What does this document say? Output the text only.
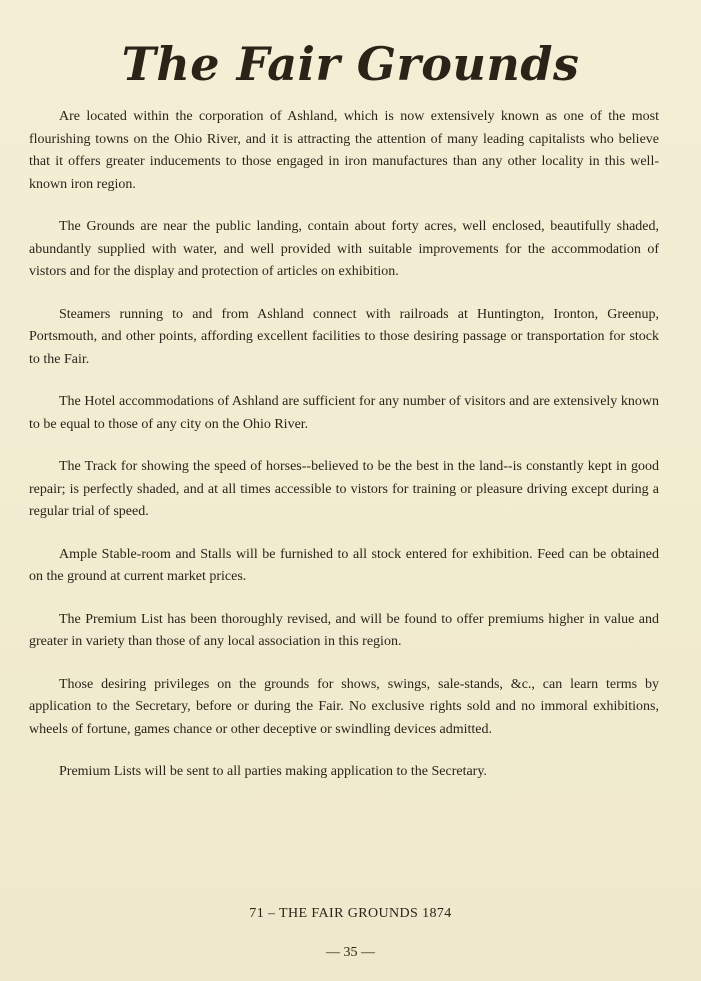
The Fair Grounds

Are located within the corporation of Ashland, which is now extensively known as one of the most flourishing towns on the Ohio River, and it is attracting the attention of many leading capitalists who believe that it offers greater inducements to those engaged in iron manufactures than any other locality in this well-known iron region.

The Grounds are near the public landing, contain about forty acres, well enclosed, beautifully shaded, abundantly supplied with water, and well provided with suitable improvements for the accommodation of vistors and for the display and protection of articles on exhibition.

Steamers running to and from Ashland connect with railroads at Huntington, Ironton, Greenup, Portsmouth, and other points, affording excellent facilities to those desiring passage or transportation for stock to the Fair.

The Hotel accommodations of Ashland are sufficient for any number of visitors and are extensively known to be equal to those of any city on the Ohio River.

The Track for showing the speed of horses--believed to be the best in the land--is constantly kept in good repair; is perfectly shaded, and at all times accessible to vistors for training or pleasure driving except during a regular trial of speed.

Ample Stable-room and Stalls will be furnished to all stock entered for exhibition. Feed can be obtained on the ground at current market prices.

The Premium List has been thoroughly revised, and will be found to offer premiums higher in value and greater in variety than those of any local association in this region.

Those desiring privileges on the grounds for shows, swings, sale-stands, &c., can learn terms by application to the Secretary, before or during the Fair. No exclusive rights sold and no immoral exhibitions, wheels of fortune, games chance or other deceptive or swindling devices admitted.

Premium Lists will be sent to all parties making application to the Secretary.

71 – THE FAIR GROUNDS 1874
— 35 —
